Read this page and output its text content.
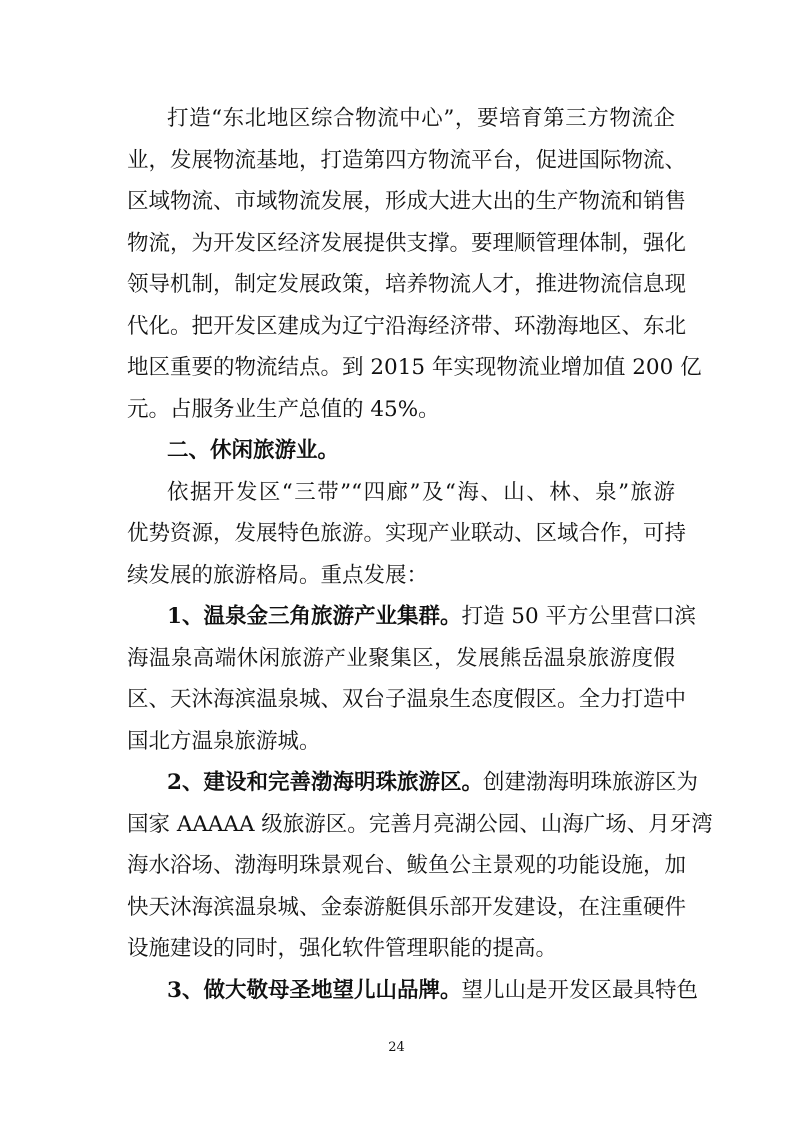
打造“东北地区综合物流中心”，要培育第三方物流企
业，发展物流基地，打造第四方物流平台，促进国际物流、
区域物流、市域物流发展，形成大进大出的生产物流和销售
物流，为开发区经济发展提供支撑。要理顺管理体制，强化
领导机制，制定发展政策，培养物流人才，推进物流信息现
代化。把开发区建成为辽宁沿海经济带、环渤海地区、东北
地区重要的物流结点。到 2015 年实现物流业增加值 200 亿
元。占服务业生产总值的 45%。
二、休闲旅游业。
依据开发区“三带”“四廊”及“海、山、林、泉”旅游
优势资源，发展特色旅游。实现产业联动、区域合作，可持
续发展的旅游格局。重点发展：
1、温泉金三角旅游产业集群。打造 50 平方公里营口滨
海温泉高端休闲旅游产业聚集区，发展熊岳温泉旅游度假
区、天沐海滨温泉城、双台子温泉生态度假区。全力打造中
国北方温泉旅游城。
2、建设和完善渤海明珠旅游区。创建渤海明珠旅游区为
国家 AAAAA 级旅游区。完善月亮湖公园、山海广场、月牙湾
海水浴场、渤海明珠景观台、鲅鱼公主景观的功能设施，加
快天沐海滨温泉城、金泰游艇俱乐部开发建设，在注重硬件
设施建设的同时，强化软件管理职能的提高。
3、做大敬母圣地望儿山品牌。望儿山是开发区最具特色
24
